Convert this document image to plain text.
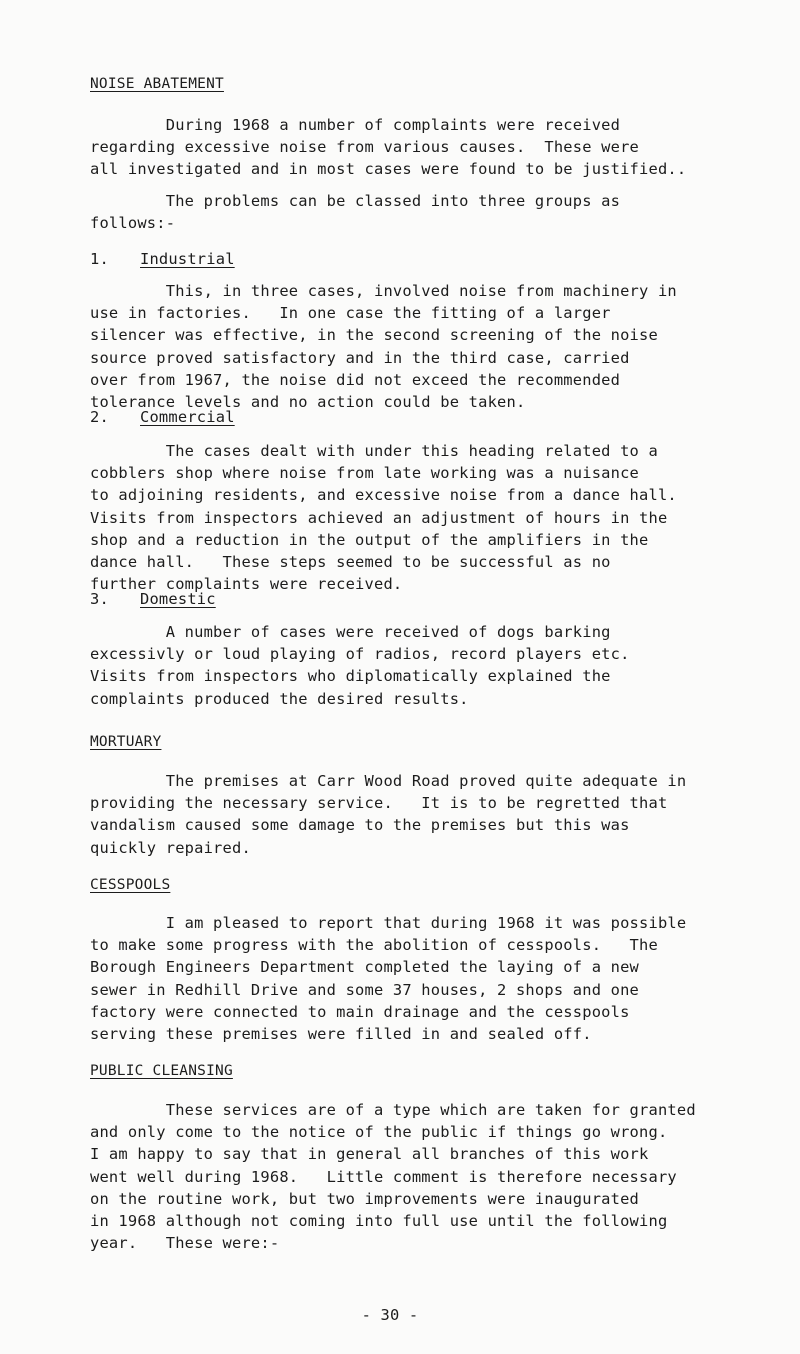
NOISE ABATEMENT
During 1968 a number of complaints were received
regarding excessive noise from various causes.  These were
all investigated and in most cases were found to be justified..
The problems can be classed into three groups as
follows:-
1. Industrial
This, in three cases, involved noise from machinery in
use in factories.   In one case the fitting of a larger
silencer was effective, in the second screening of the noise
source proved satisfactory and in the third case, carried
over from 1967, the noise did not exceed the recommended
tolerance levels and no action could be taken.
2. Commercial
The cases dealt with under this heading related to a
cobblers shop where noise from late working was a nuisance
to adjoining residents, and excessive noise from a dance hall.
Visits from inspectors achieved an adjustment of hours in the
shop and a reduction in the output of the amplifiers in the
dance hall.   These steps seemed to be successful as no
further complaints were received.
3. Domestic
A number of cases were received of dogs barking
excessivly or loud playing of radios, record players etc.
Visits from inspectors who diplomatically explained the
complaints produced the desired results.
MORTUARY
The premises at Carr Wood Road proved quite adequate in
providing the necessary service.   It is to be regretted that
vandalism caused some damage to the premises but this was
quickly repaired.
CESSPOOLS
I am pleased to report that during 1968 it was possible
to make some progress with the abolition of cesspools.   The
Borough Engineers Department completed the laying of a new
sewer in Redhill Drive and some 37 houses, 2 shops and one
factory were connected to main drainage and the cesspools
serving these premises were filled in and sealed off.
PUBLIC CLEANSING
These services are of a type which are taken for granted
and only come to the notice of the public if things go wrong.
I am happy to say that in general all branches of this work
went well during 1968.   Little comment is therefore necessary
on the routine work, but two improvements were inaugurated
in 1968 although not coming into full use until the following
year.   These were:-

- 30 -
